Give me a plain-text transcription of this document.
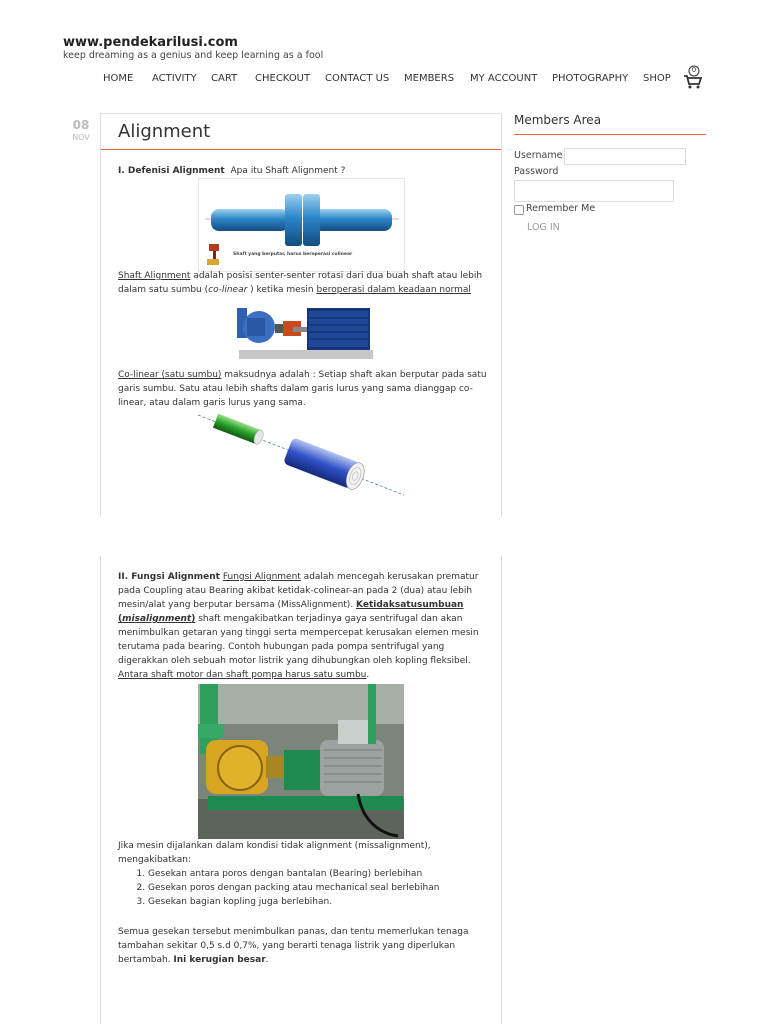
www.pendekarilusi.com
keep dreaming as a genius and keep learning as a fool
HOME ACTIVITY CART CHECKOUT CONTACT US MEMBERS MY ACCOUNT PHOTOGRAPHY SHOP
0
08
NOV	Alignment
I. Defenisi Alignment Apa itu Shaft Alignment ?
Shaft yang berputar, harus beroperasi colinear
Shaft Alignment adalah posisi senter-senter rotasi dari dua buah shaft atau lebih dalam satu sumbu (co-linear ) ketika mesin beroperasi dalam keadaan normal
Co-linear (satu sumbu) maksudnya adalah : Setiap shaft akan berputar pada satu garis sumbu. Satu atau lebih shafts dalam garis lurus yang sama dianggap co-linear, atau dalam garis lurus yang sama.
II. Fungsi Alignment Fungsi Alignment adalah mencegah kerusakan prematur pada Coupling atau Bearing akibat ketidak-colinear-an pada 2 (dua) atau lebih mesin/alat yang berputar bersama (MissAlignment). Ketidaksatusumbuan
(misalignment) shaft mengakibatkan terjadinya gaya sentrifugal dan akan menimbulkan getaran yang tinggi serta mempercepat kerusakan elemen mesin terutama pada bearing. Contoh hubungan pada pompa sentrifugal yang digerakkan oleh sebuah motor listrik yang dihubungkan oleh kopling fleksibel. Antara shaft motor dan shaft pompa harus satu sumbu.
Jika mesin dijalankan dalam kondisi tidak alignment (missalignment), mengakibatkan:
1. Gesekan antara poros dengan bantalan (Bearing) berlebihan
2. Gesekan poros dengan packing atau mechanical seal berlebihan
3. Gesekan bagian kopling juga berlebihan.
Semua gesekan tersebut menimbulkan panas, dan tentu memerlukan tenaga tambahan sekitar 0,5 s.d 0,7%, yang berarti tenaga listrik yang diperlukan bertambah. Ini kerugian besar.
Members Area
Username
Password
Remember Me
LOG IN
